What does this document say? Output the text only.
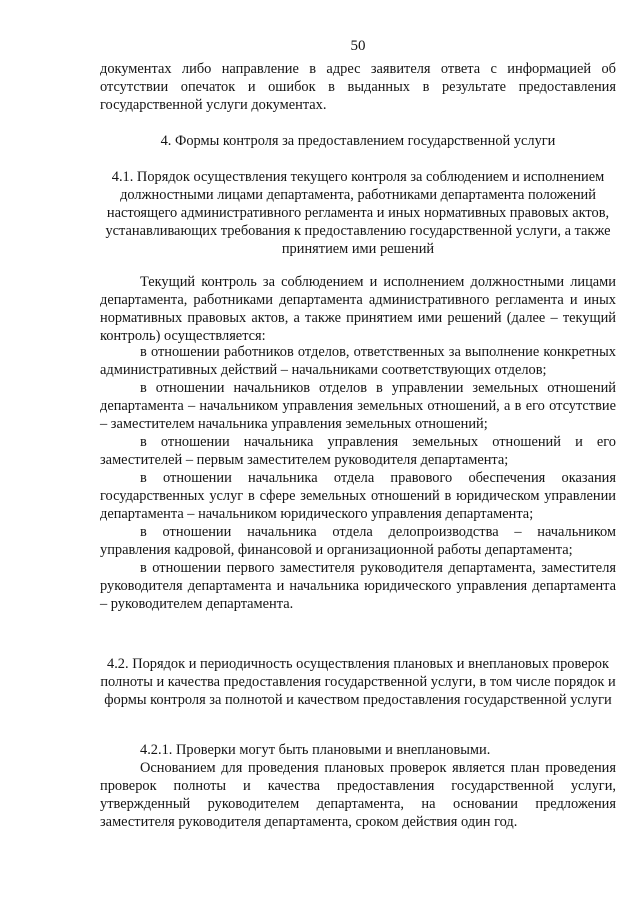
50

документах либо направление в адрес заявителя ответа с информацией об отсутствии опечаток и ошибок в выданных в результате предоставления государственной услуги документах.

4. Формы контроля за предоставлением государственной услуги

4.1. Порядок осуществления текущего контроля за соблюдением и исполнением должностными лицами департамента, работниками департамента положений настоящего административного регламента и иных нормативных правовых актов, устанавливающих требования к предоставлению государственной услуги, а также принятием ими решений

Текущий контроль за соблюдением и исполнением должностными лицами департамента, работниками департамента административного регламента и иных нормативных правовых актов, а также принятием ими решений (далее – текущий контроль) осуществляется:

в отношении работников отделов, ответственных за выполнение конкретных административных действий – начальниками соответствующих отделов;

в отношении начальников отделов в управлении земельных отношений департамента – начальником управления земельных отношений, а в его отсутствие – заместителем начальника управления земельных отношений;

в отношении начальника управления земельных отношений и его заместителей – первым заместителем руководителя департамента;

в отношении начальника отдела правового обеспечения оказания государственных услуг в сфере земельных отношений в юридическом управлении департамента – начальником юридического управления департамента;

в отношении начальника отдела делопроизводства – начальником управления кадровой, финансовой и организационной работы департамента;

в отношении первого заместителя руководителя департамента, заместителя руководителя департамента и начальника юридического управления департамента – руководителем департамента.

4.2. Порядок и периодичность осуществления плановых и внеплановых проверок полноты и качества предоставления государственной услуги, в том числе порядок и формы контроля за полнотой и качеством предоставления государственной услуги

4.2.1. Проверки могут быть плановыми и внеплановыми.

Основанием для проведения плановых проверок является план проведения проверок полноты и качества предоставления государственной услуги, утвержденный руководителем департамента, на основании предложения заместителя руководителя департамента, сроком действия один год.
